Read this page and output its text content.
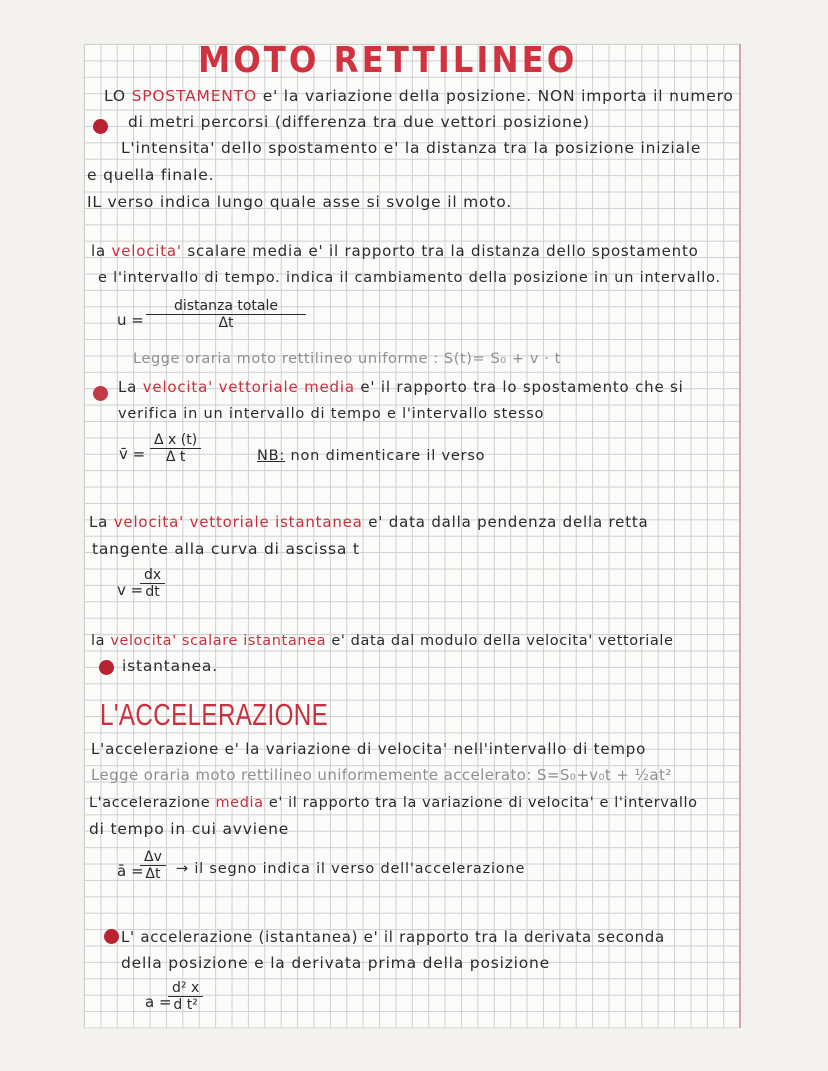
MOTO RETTILINEO
LO SPOSTAMENTO e' la variazione della posizione. NON importa il numero
di metri percorsi (differenza tra due vettori posizione)
L'intensita' dello spostamento e' la distanza tra la posizione iniziale
e quella finale.
IL verso indica lungo quale asse si svolge il moto.
la velocita' scalare media e' il rapporto tra la distanza dello spostamento
e l'intervallo di tempo. indica il cambiamento della posizione in un intervallo.
u =
distanza totale
Δt
Legge oraria moto rettilineo uniforme : S(t)= S₀ + v · t
La velocita' vettoriale media e' il rapporto tra lo spostamento che si
verifica in un intervallo di tempo e l'intervallo stesso
v̄ =
Δ x (t)
Δ t	NB: non dimenticare il verso
La velocita' vettoriale istantanea e' data dalla pendenza della retta
tangente alla curva di ascissa t
v =
dx
dt
la velocita' scalare istantanea e' data dal modulo della velocita' vettoriale
istantanea.
L'ACCELERAZIONE
L'accelerazione e' la variazione di velocita' nell'intervallo di tempo
Legge oraria moto rettilineo uniformemente accelerato: S=S₀+v₀t + ½at²
L'accelerazione media e' il rapporto tra la variazione di velocita' e l'intervallo
di tempo in cui avviene
ā =
Δv
Δt → il segno indica il verso dell'accelerazione
L' accelerazione (istantanea) e' il rapporto tra la derivata seconda
della posizione e la derivata prima della posizione
a =
d² x
d t²
